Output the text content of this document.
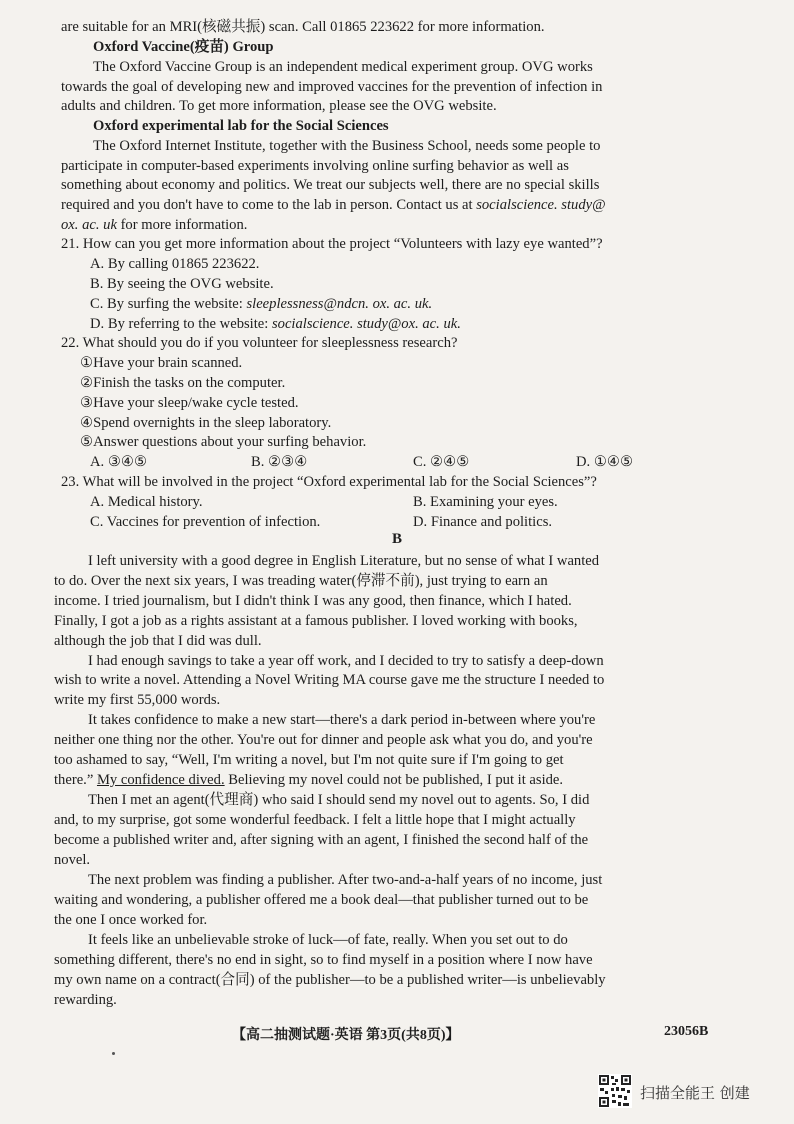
are suitable for an MRI(核磁共振) scan. Call 01865 223622 for more information.
Oxford Vaccine(疫苗) Group
The Oxford Vaccine Group is an independent medical experiment group. OVG works
towards the goal of developing new and improved vaccines for the prevention of infection in
adults and children. To get more information, please see the OVG website.
Oxford experimental lab for the Social Sciences
The Oxford Internet Institute, together with the Business School, needs some people to
participate in computer-based experiments involving online surfing behavior as well as
something about economy and politics. We treat our subjects well, there are no special skills
required and you don't have to come to the lab in person. Contact us at socialscience. study@
ox. ac. uk for more information.
21. How can you get more information about the project “Volunteers with lazy eye wanted”?
A. By calling 01865 223622.
B. By seeing the OVG website.
C. By surfing the website: sleeplessness@ndcn. ox. ac. uk.
D. By referring to the website: socialscience. study@ox. ac. uk.
22. What should you do if you volunteer for sleeplessness research?
①Have your brain scanned.
②Finish the tasks on the computer.
③Have your sleep/wake cycle tested.
④Spend overnights in the sleep laboratory.
⑤Answer questions about your surfing behavior.
A. ③④⑤	B. ②③④	C. ②④⑤	D. ①④⑤
23. What will be involved in the project “Oxford experimental lab for the Social Sciences”?
A. Medical history.	B. Examining your eyes.
C. Vaccines for prevention of infection.	D. Finance and politics.
B
I left university with a good degree in English Literature, but no sense of what I wanted
to do. Over the next six years, I was treading water(停滞不前), just trying to earn an
income. I tried journalism, but I didn't think I was any good, then finance, which I hated.
Finally, I got a job as a rights assistant at a famous publisher. I loved working with books,
although the job that I did was dull.
I had enough savings to take a year off work, and I decided to try to satisfy a deep-down
wish to write a novel. Attending a Novel Writing MA course gave me the structure I needed to
write my first 55,000 words.
It takes confidence to make a new start—there's a dark period in-between where you're
neither one thing nor the other. You're out for dinner and people ask what you do, and you're
too ashamed to say, “Well, I'm writing a novel, but I'm not quite sure if I'm going to get
there.” My confidence dived. Believing my novel could not be published, I put it aside.
Then I met an agent(代理商) who said I should send my novel out to agents. So, I did
and, to my surprise, got some wonderful feedback. I felt a little hope that I might actually
become a published writer and, after signing with an agent, I finished the second half of the
novel.
The next problem was finding a publisher. After two-and-a-half years of no income, just
waiting and wondering, a publisher offered me a book deal—that publisher turned out to be
the one I once worked for.
It feels like an unbelievable stroke of luck—of fate, really. When you set out to do
something different, there's no end in sight, so to find myself in a position where I now have
my own name on a contract(合同) of the publisher—to be a published writer—is unbelievably
rewarding.
【高二抽测试题·英语 第3页(共8页)】	23056B
扫描全能王 创建
